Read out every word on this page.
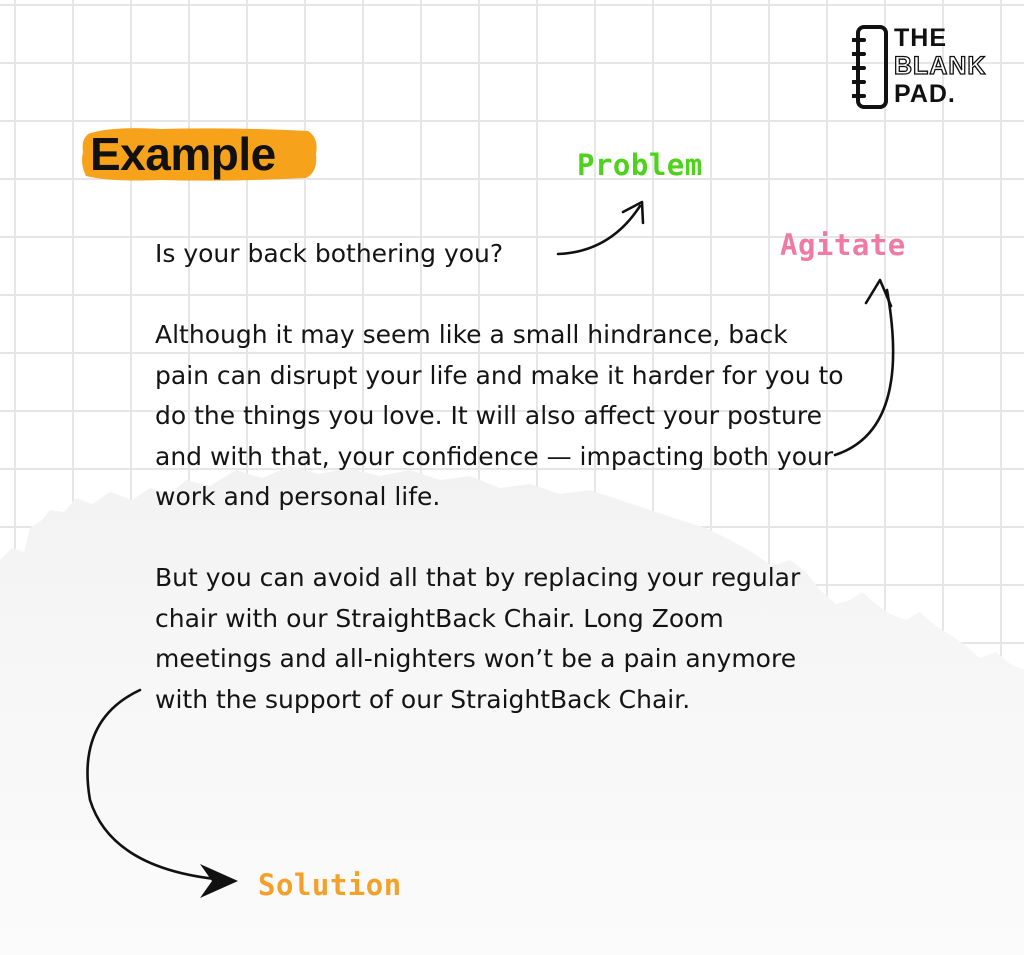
THE
BLANK
PAD.
Example	Problem
Agitate
Solution

Is your back bothering you?

Although it may seem like a small hindrance, back pain can disrupt your life and make it harder for you to do the things you love. It will also affect your posture and with that, your confidence — impacting both your work and personal life.

But you can avoid all that by replacing your regular chair with our StraightBack Chair. Long Zoom meetings and all-nighters won’t be a pain anymore with the support of our StraightBack Chair.
